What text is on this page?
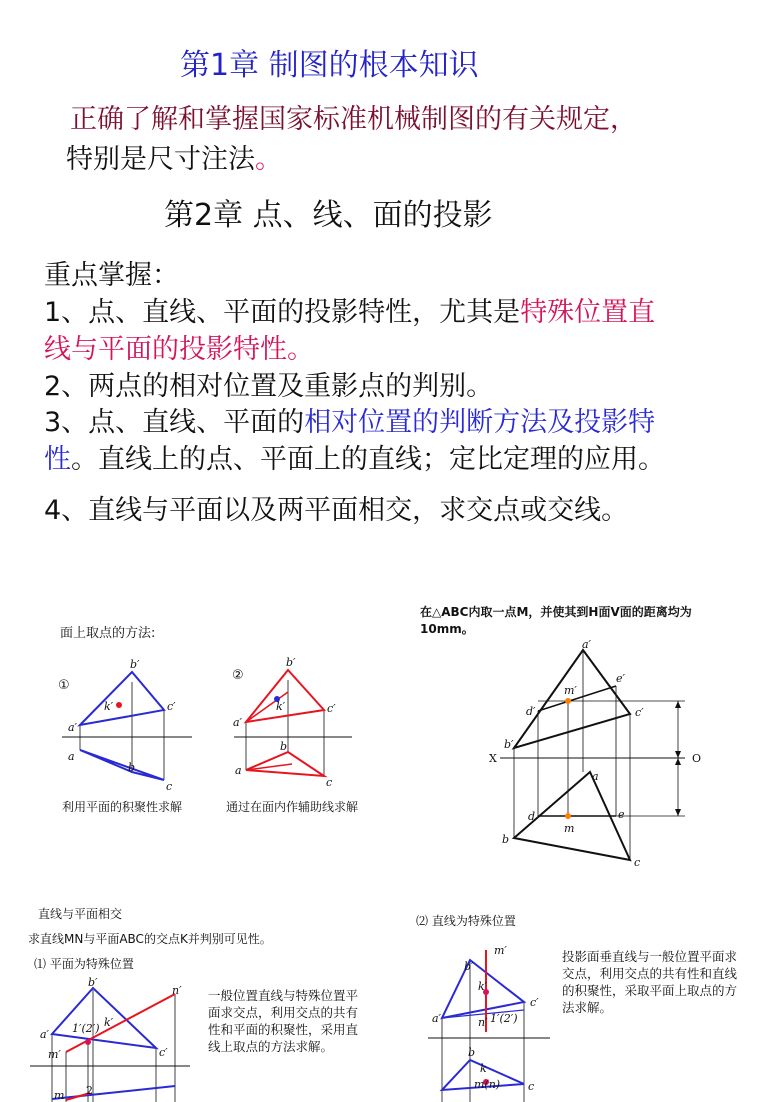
第1章 制图的根本知识
正确了解和掌握国家标准机械制图的有关规定，
特别是尺寸注法。
第2章 点、线、面的投影
重点掌握：
1、点、直线、平面的投影特性，尤其是特殊位置直
线与平面的投影特性。
2、两点的相对位置及重影点的判别。
3、点、直线、平面的相对位置的判断方法及投影特
性。直线上的点、平面上的直线；定比定理的应用。
4、直线与平面以及两平面相交，求交点或交线。
面上取点的方法:
①
②
b′
c′
a′
k′
a
b
c
b′
c′
a′
k′
a
b
c
利用平面的积聚性求解	通过在面内作辅助线求解
在△ABC内取一点M，并使其到H面V面的距离均为
10mm。
a′
m′
e′
d′	c′
b′
X	O
a
d	e
m
b
c
直线与平面相交
求直线MN与平面ABC的交点K并判别可见性。
⑴ 平面为特殊位置
⑵ 直线为特殊位置
一般位置直线与特殊位置平面求交点，利用交点的共有性和平面的积聚性，采用直线上取点的方法求解。
投影面垂直线与一般位置平面求交点，利用交点的共有性和直线的积聚性，采取平面上取点的方法求解。
b′
n′
k′
a′ 1′(2′)
m′	c′
m 2
m′
b′
k′
c′
a′	n′ 1′(2′)
b
k
m(n)	c
